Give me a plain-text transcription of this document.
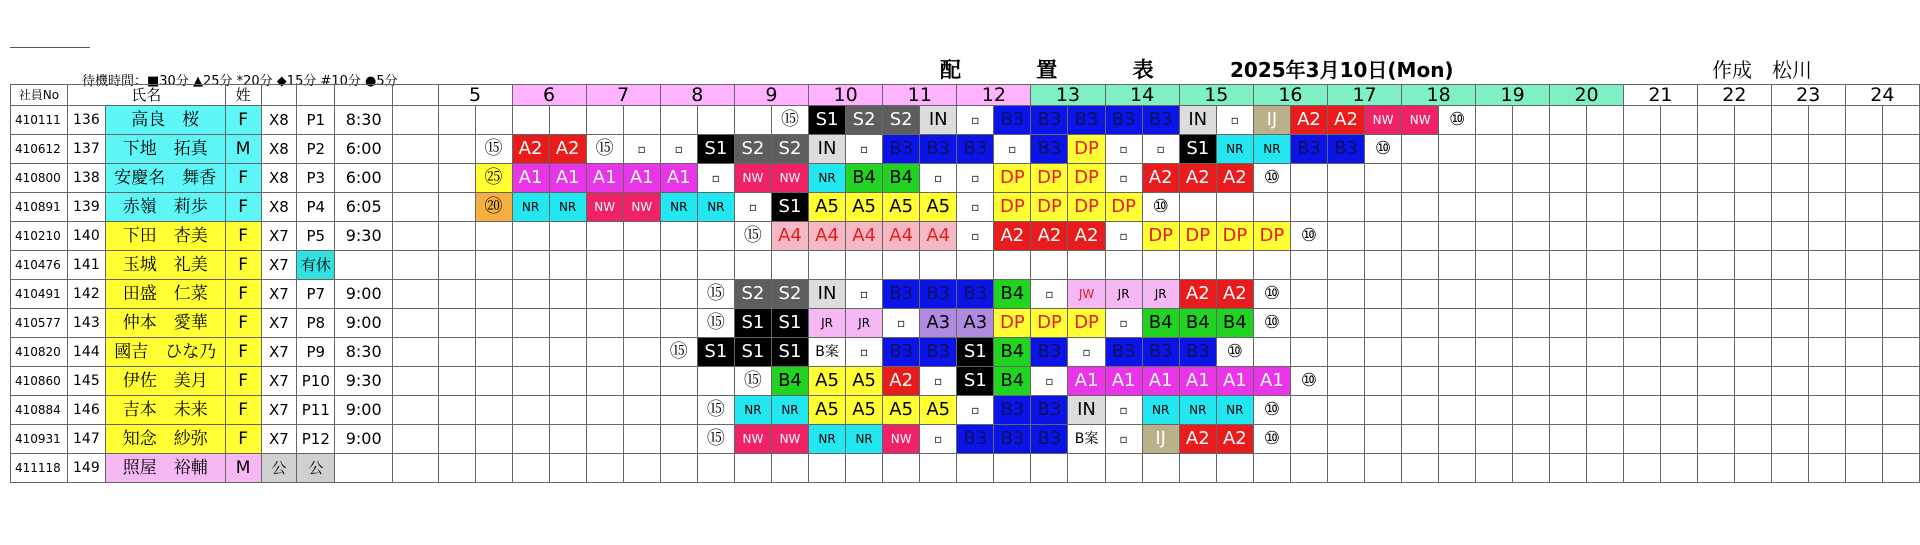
待機時間：■30分 ▲25分 *20分 ◆15分 #10分 ●5分	配 置 表 2025年3月10日(Mon)	作成　松川
社員No	氏名		姓					5		6		7		8		9		10		11		12		13		14		15		16		17		18		19		20		21		22		23		24	
410111	136	高良　桜	F	X8	P1	8:30											⑮	S1	S2	S2	IN	▫	B3	B3	B3	B3	B3	IN	▫	IJ	A2	A2	NW	NW	⑩												
410612	137	下地　拓真	M	X8	P2	6:00			⑮	A2	A2	⑮	▫	▫	S1	S2	S2	IN	▫	B3	B3	B3	▫	B3	DP	▫	▫	S1	NR	NR	B3	B3	⑩														
410800	138	安慶名　舞香	F	X8	P3	6:00			㉕	A1	A1	A1	A1	A1	▫	NW	NW	NR	B4	B4	▫	▫	DP	DP	DP	▫	A2	A2	A2	⑩																	
410891	139	赤嶺　莉歩	F	X8	P4	6:05			⑳	NR	NR	NW	NW	NR	NR	▫	S1	A5	A5	A5	A5	▫	DP	DP	DP	DP	⑩																				
410210	140	下田　杏美	F	X7	P5	9:30										⑮	A4	A4	A4	A4	A4	▫	A2	A2	A2	▫	DP	DP	DP	DP	⑩																
410476	141	玉城　礼美	F	X7	有休																																										
410491	142	田盛　仁菜	F	X7	P7	9:00									⑮	S2	S2	IN	▫	B3	B3	B3	B4	▫	JW	JR	JR	A2	A2	⑩																	
410577	143	仲本　愛華	F	X7	P8	9:00									⑮	S1	S1	JR	JR	▫	A3	A3	DP	DP	DP	▫	B4	B4	B4	⑩																	
410820	144	國吉　ひな乃	F	X7	P9	8:30								⑮	S1	S1	S1	B案	▫	B3	B3	S1	B4	B3	▫	B3	B3	B3	⑩																		
410860	145	伊佐　美月	F	X7	P10	9:30										⑮	B4	A5	A5	A2	▫	S1	B4	▫	A1	A1	A1	A1	A1	A1	⑩																
410884	146	吉本　未来	F	X7	P11	9:00									⑮	NR	NR	A5	A5	A5	A5	▫	B3	B3	IN	▫	NR	NR	NR	⑩																	
410931	147	知念　紗弥	F	X7	P12	9:00									⑮	NW	NW	NR	NR	NW	▫	B3	B3	B3	B案	▫	IJ	A2	A2	⑩																	
411118	149	照屋　裕輔	M	公	公																																										
